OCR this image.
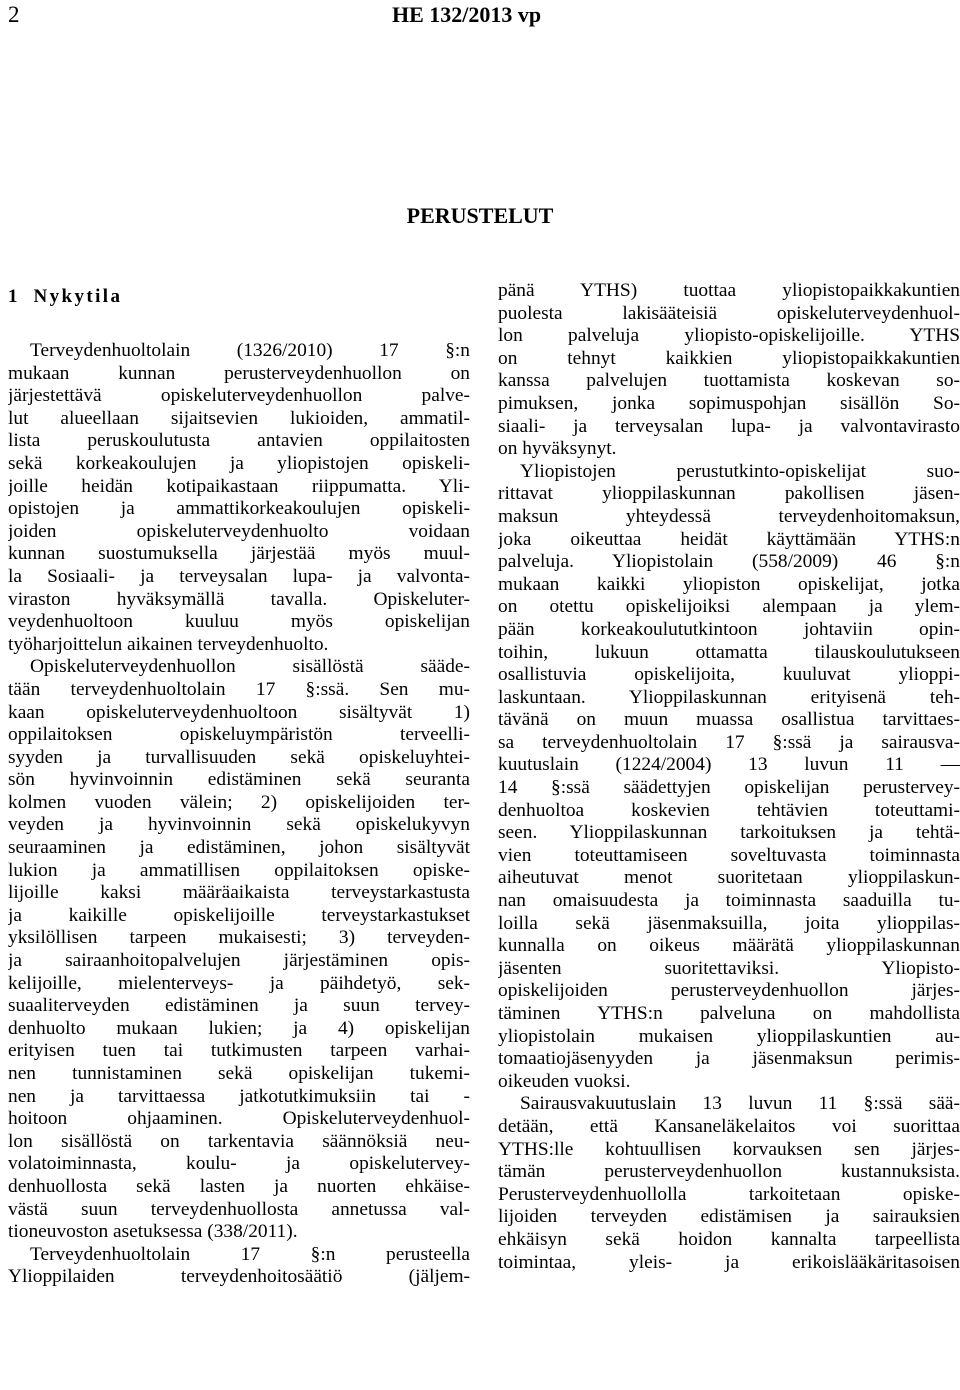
2	HE 132/2013 vp
PERUSTELUT
1 Nykytila
Terveydenhuoltolain (1326/2010) 17 §:n
mukaan kunnan perusterveydenhuollon on
järjestettävä opiskeluterveydenhuollon palve-
lut alueellaan sijaitsevien lukioiden, ammatil-
lista peruskoulutusta antavien oppilaitosten
sekä korkeakoulujen ja yliopistojen opiskeli-
joille heidän kotipaikastaan riippumatta. Yli-
opistojen ja ammattikorkeakoulujen opiskeli-
joiden opiskeluterveydenhuolto voidaan
kunnan suostumuksella järjestää myös muul-
la Sosiaali- ja terveysalan lupa- ja valvonta-
viraston hyväksymällä tavalla. Opiskeluter-
veydenhuoltoon kuuluu myös opiskelijan
työharjoittelun aikainen terveydenhuolto.
Opiskeluterveydenhuollon sisällöstä sääde-
tään terveydenhuoltolain 17 §:ssä. Sen mu-
kaan opiskeluterveydenhuoltoon sisältyvät 1)
oppilaitoksen opiskeluympäristön terveelli-
syyden ja turvallisuuden sekä opiskeluyhtei-
sön hyvinvoinnin edistäminen sekä seuranta
kolmen vuoden välein; 2) opiskelijoiden ter-
veyden ja hyvinvoinnin sekä opiskelukyvyn
seuraaminen ja edistäminen, johon sisältyvät
lukion ja ammatillisen oppilaitoksen opiske-
lijoille kaksi määräaikaista terveystarkastusta
ja kaikille opiskelijoille terveystarkastukset
yksilöllisen tarpeen mukaisesti; 3) terveyden-
ja sairaanhoitopalvelujen järjestäminen opis-
kelijoille, mielenterveys- ja päihdetyö, sek-
suaaliterveyden edistäminen ja suun tervey-
denhuolto mukaan lukien; ja 4) opiskelijan
erityisen tuen tai tutkimusten tarpeen varhai-
nen tunnistaminen sekä opiskelijan tukemi-
nen ja tarvittaessa jatkotutkimuksiin tai -
hoitoon ohjaaminen. Opiskeluterveydenhuol-
lon sisällöstä on tarkentavia säännöksiä neu-
volatoiminnasta, koulu- ja opiskelutervey-
denhuollosta sekä lasten ja nuorten ehkäise-
västä suun terveydenhuollosta annetussa val-
tioneuvoston asetuksessa (338/2011).
Terveydenhuoltolain 17 §:n perusteella
Ylioppilaiden terveydenhoitosäätiö (jäljem-
pänä YTHS) tuottaa yliopistopaikkakuntien
puolesta lakisääteisiä opiskeluterveydenhuol-
lon palveluja yliopisto-opiskelijoille. YTHS
on tehnyt kaikkien yliopistopaikkakuntien
kanssa palvelujen tuottamista koskevan so-
pimuksen, jonka sopimuspohjan sisällön So-
siaali- ja terveysalan lupa- ja valvontavirasto
on hyväksynyt.
Yliopistojen perustutkinto-opiskelijat suo-
rittavat ylioppilaskunnan pakollisen jäsen-
maksun yhteydessä terveydenhoitomaksun,
joka oikeuttaa heidät käyttämään YTHS:n
palveluja. Yliopistolain (558/2009) 46 §:n
mukaan kaikki yliopiston opiskelijat, jotka
on otettu opiskelijoiksi alempaan ja ylem-
pään korkeakoulututkintoon johtaviin opin-
toihin, lukuun ottamatta tilauskoulutukseen
osallistuvia opiskelijoita, kuuluvat ylioppi-
laskuntaan. Ylioppilaskunnan erityisenä teh-
tävänä on muun muassa osallistua tarvittaes-
sa terveydenhuoltolain 17 §:ssä ja sairausva-
kuutuslain (1224/2004) 13 luvun 11 —
14 §:ssä säädettyjen opiskelijan perustervey-
denhuoltoa koskevien tehtävien toteuttami-
seen. Ylioppilaskunnan tarkoituksen ja tehtä-
vien toteuttamiseen soveltuvasta toiminnasta
aiheutuvat menot suoritetaan ylioppilaskun-
nan omaisuudesta ja toiminnasta saaduilla tu-
loilla sekä jäsenmaksuilla, joita ylioppilas-
kunnalla on oikeus määrätä ylioppilaskunnan
jäsenten suoritettaviksi. Yliopisto-
opiskelijoiden perusterveydenhuollon järjes-
täminen YTHS:n palveluna on mahdollista
yliopistolain mukaisen ylioppilaskuntien au-
tomaatiojäsenyyden ja jäsenmaksun perimis-
oikeuden vuoksi.
Sairausvakuutuslain 13 luvun 11 §:ssä sää-
detään, että Kansaneläkelaitos voi suorittaa
YTHS:lle kohtuullisen korvauksen sen järjes-
tämän perusterveydenhuollon kustannuksista.
Perusterveydenhuollolla tarkoitetaan opiske-
lijoiden terveyden edistämisen ja sairauksien
ehkäisyn sekä hoidon kannalta tarpeellista
toimintaa, yleis- ja erikoislääkäritasoisen
